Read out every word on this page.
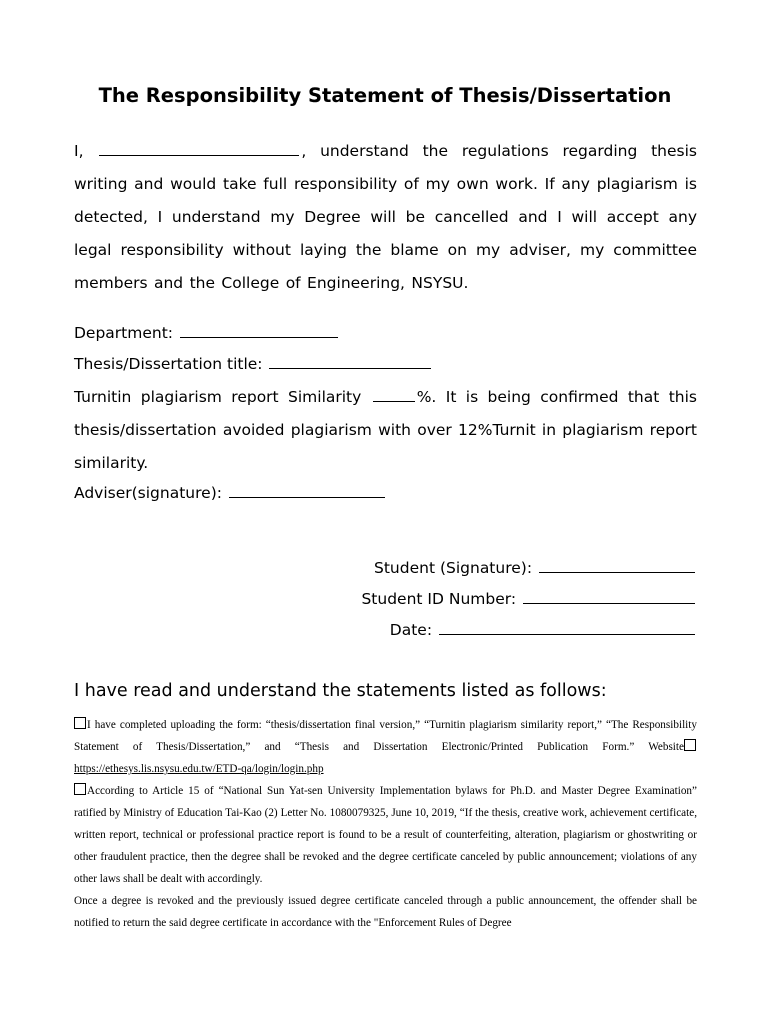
The Responsibility Statement of Thesis/Dissertation
I,	, understand the regulations regarding thesis writing and would take full responsibility of my own work. If any plagiarism is detected, I understand my Degree will be cancelled and I will accept any legal responsibility without laying the blame on my adviser, my committee members and the College of Engineering, NSYSU.
Department:
Thesis/Dissertation title:
Turnitin plagiarism report Similarity	%. It is being confirmed that this thesis/dissertation avoided plagiarism with over 12%Turnit in plagiarism report similarity.
Adviser(signature):
Student (Signature):
Student ID Number:
Date:
I have read and understand the statements listed as follows:
I have completed uploading the form: “thesis/dissertation final version,” “Turnitin plagiarism similarity report,” “The Responsibility Statement of Thesis/Dissertation,” and “Thesis and Dissertation Electronic/Printed Publication Form.” Websitehttps://ethesys.lis.nsysu.edu.tw/ETD-qa/login/login.php
According to Article 15 of “National Sun Yat-sen University Implementation bylaws for Ph.D. and Master Degree Examination” ratified by Ministry of Education Tai-Kao (2) Letter No. 1080079325, June 10, 2019, “If the thesis, creative work, achievement certificate, written report, technical or professional practice report is found to be a result of counterfeiting, alteration, plagiarism or ghostwriting or other fraudulent practice, then the degree shall be revoked and the degree certificate canceled by public announcement; violations of any other laws shall be dealt with accordingly.
Once a degree is revoked and the previously issued degree certificate canceled through a public announcement, the offender shall be notified to return the said degree certificate in accordance with the "Enforcement Rules of Degree
